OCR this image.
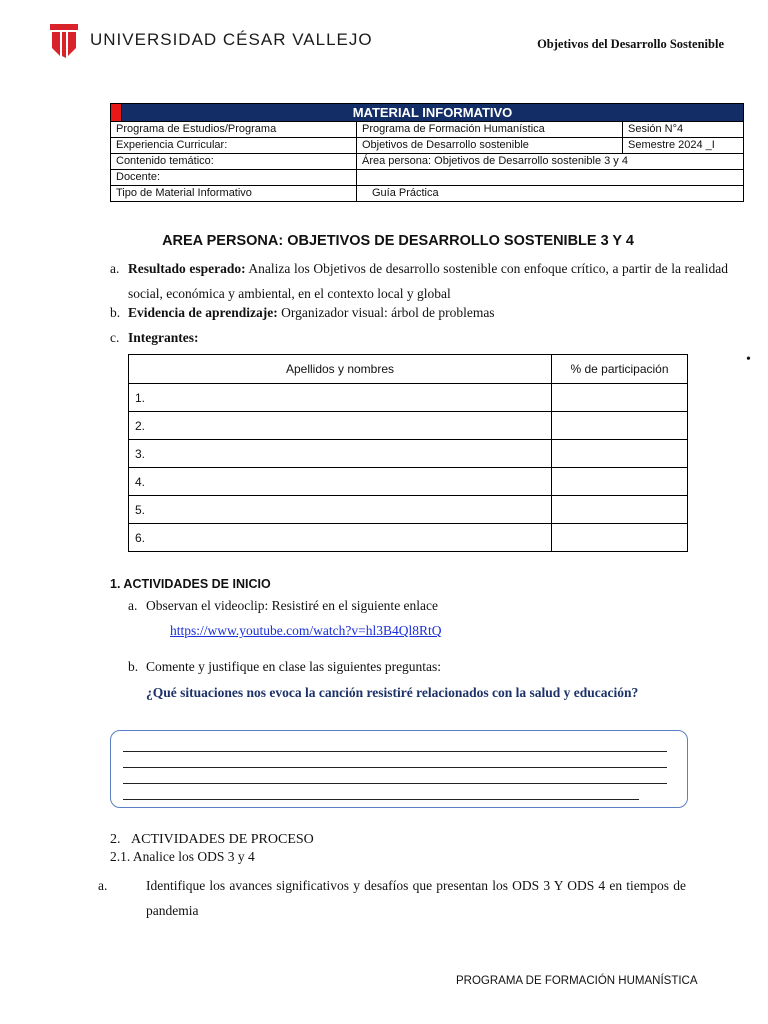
UNIVERSIDAD CÉSAR VALLEJO	Objetivos del Desarrollo Sostenible
	MATERIAL INFORMATIVO		
Programa de Estudios/Programa		Programa de Formación Humanística	Sesión N°4
Experiencia Curricular:		Objetivos de Desarrollo sostenible	Semestre 2024 _I
Contenido temático:		Área persona: Objetivos de Desarrollo sostenible 3 y 4	
Docente:			
Tipo de Material Informativo		Guía Práctica	
AREA PERSONA: OBJETIVOS DE DESARROLLO SOSTENIBLE 3 Y 4
a. Resultado esperado: Analiza los Objetivos de desarrollo sostenible con enfoque crítico, a partir de la realidad social, económica y ambiental, en el contexto local y global
b. Evidencia de aprendizaje: Organizador visual: árbol de problemas
c. Integrantes:
Apellidos y nombres	% de participación
1.	
2.	
3.	
4.	
5.	
6.	
•
1. ACTIVIDADES DE INICIO
a. Observan el videoclip: Resistiré en el siguiente enlace
https://www.youtube.com/watch?v=hl3B4Ql8RtQ
b. Comente y justifique en clase las siguientes preguntas:
¿Qué situaciones nos evoca la canción resistiré relacionados con la salud y educación?
2. ACTIVIDADES DE PROCESO
2.1. Analice los ODS 3 y 4
a.	Identifique los avances significativos y desafíos que presentan los ODS 3 Y ODS 4 en tiempos de pandemia
PROGRAMA DE FORMACIÓN HUMANÍSTICA
